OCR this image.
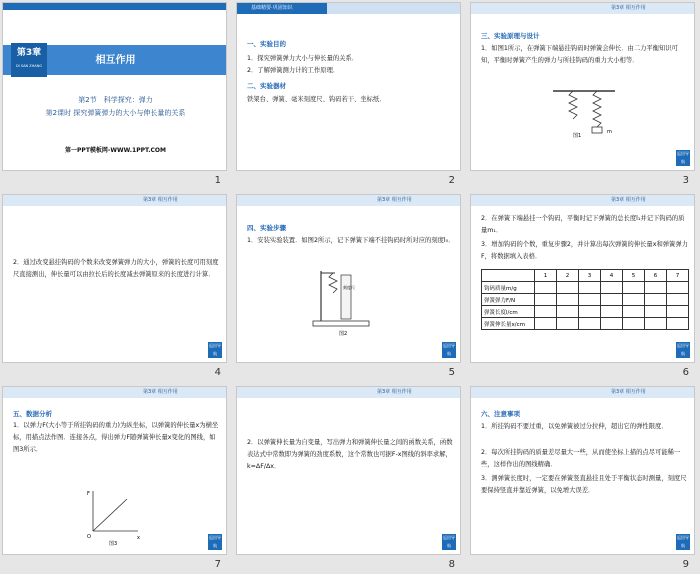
第3章
DI SAN ZHANG	相互作用
第2节　科学探究：弹力
第2课时 探究弹簧弹力的大小与伸长量的关系
第一PPT模板网-WWW.1PPT.COM
1
基础精要·巩固知识
一、实验目的
1．探究弹簧弹力大小与伸长量的关系．
2．了解弹簧测力计的工作原理．
二、实验器材
铁架台、弹簧、毫米刻度尺、钩码若干、坐标纸．
2
第3章 相互作用
三、实验原理与设计
1．如图1所示，在弹簧下端悬挂钩码时弹簧会伸长．由二力平衡知识可知，平衡时弹簧产生的弹力与所挂钩码的重力大小相等．
m
图1
返回导航
3
第3章 相互作用
2．通过改变悬挂钩码的个数来改变弹簧弹力的大小，弹簧的长度可用刻度尺直接测出，伸长量可以由拉长后的长度减去弹簧原来的长度进行计算．
返回导航
4
第3章 相互作用
四、实验步骤
1．安装实验装置．如图2所示，记下弹簧下端不挂钩码时所对应的刻度l₀．
刻度尺
图2
返回导航
5
第3章 相互作用
2．在弹簧下端悬挂一个钩码，平衡时记下弹簧的总长度l₁并记下钩码的质量m₁．
3．增加钩码的个数，重复步骤2，并计算出每次弹簧的伸长量x和弹簧弹力F，将数据填入表格．
	1	2	3	4	5	6	7
钩码质量m/g							
弹簧弹力F/N							
弹簧长度l/cm							
弹簧伸长量x/cm							
返回导航
6
第3章 相互作用
五、数据分析
1．以弹力F(大小等于所挂钩码的重力)为纵坐标，以弹簧的伸长量x为横坐标，用描点法作图．连接各点，得出弹力F随弹簧伸长量x变化的图线，如图3所示．
F
x
O
图3
返回导航
7
第3章 相互作用
2．以弹簧伸长量为自变量，写出弹力和弹簧伸长量之间的函数关系，函数表达式中常数即为弹簧的劲度系数，这个常数也可据F-x图线的斜率求解，k=ΔF/Δx．
返回导航
8
第3章 相互作用
六、注意事项
1．所挂钩码不要过重，以免弹簧被过分拉伸，超出它的弹性限度．
2．每次所挂钩码的质量差尽量大一些，从而使坐标上描的点尽可能稀一些，这样作出的图线精确．
3．测弹簧长度时，一定要在弹簧竖直悬挂且处于平衡状态时测量，刻度尺要保持竖直并靠近弹簧，以免增大误差．
返回导航
9
